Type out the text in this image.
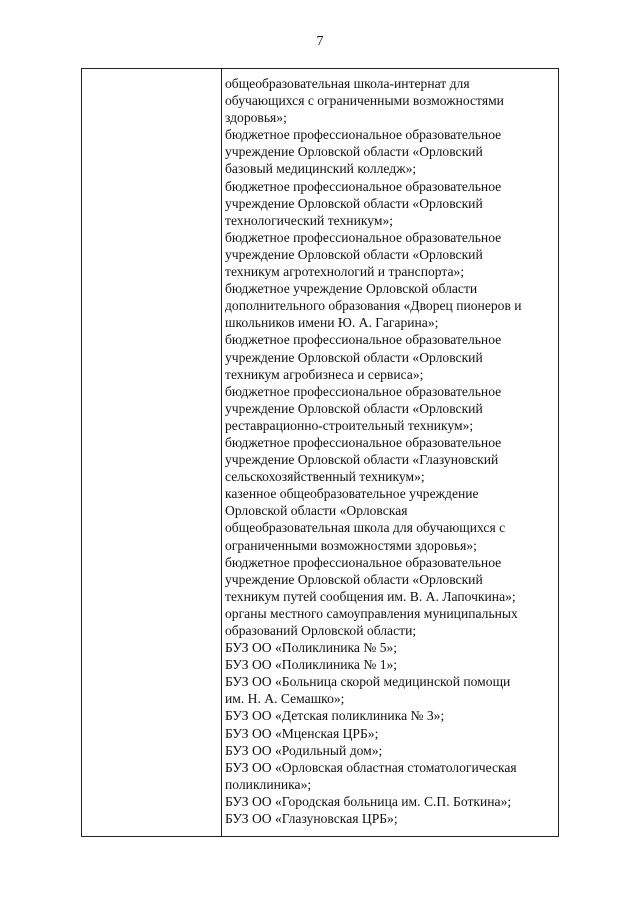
7
общеобразовательная школа-интернат для
обучающихся с ограниченными возможностями
здоровья»;
бюджетное профессиональное образовательное
учреждение Орловской области «Орловский
базовый медицинский колледж»;
бюджетное профессиональное образовательное
учреждение Орловской области «Орловский
технологический техникум»;
бюджетное профессиональное образовательное
учреждение Орловской области «Орловский
техникум агротехнологий и транспорта»;
бюджетное учреждение Орловской области
дополнительного образования «Дворец пионеров и
школьников имени Ю. А. Гагарина»;
бюджетное профессиональное образовательное
учреждение Орловской области «Орловский
техникум агробизнеса и сервиса»;
бюджетное профессиональное образовательное
учреждение Орловской области «Орловский
реставрационно-строительный техникум»;
бюджетное профессиональное образовательное
учреждение Орловской области «Глазуновский
сельскохозяйственный техникум»;
казенное общеобразовательное учреждение
Орловской области «Орловская
общеобразовательная школа для обучающихся с
ограниченными возможностями здоровья»;
бюджетное профессиональное образовательное
учреждение Орловской области «Орловский
техникум путей сообщения им. В. А. Лапочкина»;
органы местного самоуправления муниципальных
образований Орловской области;
БУЗ ОО «Поликлиника № 5»;
БУЗ ОО «Поликлиника № 1»;
БУЗ ОО «Больница скорой медицинской помощи
им. Н. А. Семашко»;
БУЗ ОО «Детская поликлиника № 3»;
БУЗ ОО «Мценская ЦРБ»;
БУЗ ОО «Родильный дом»;
БУЗ ОО «Орловская областная стоматологическая
поликлиника»;
БУЗ ОО «Городская больница им. С.П. Боткина»;
БУЗ ОО «Глазуновская ЦРБ»;
